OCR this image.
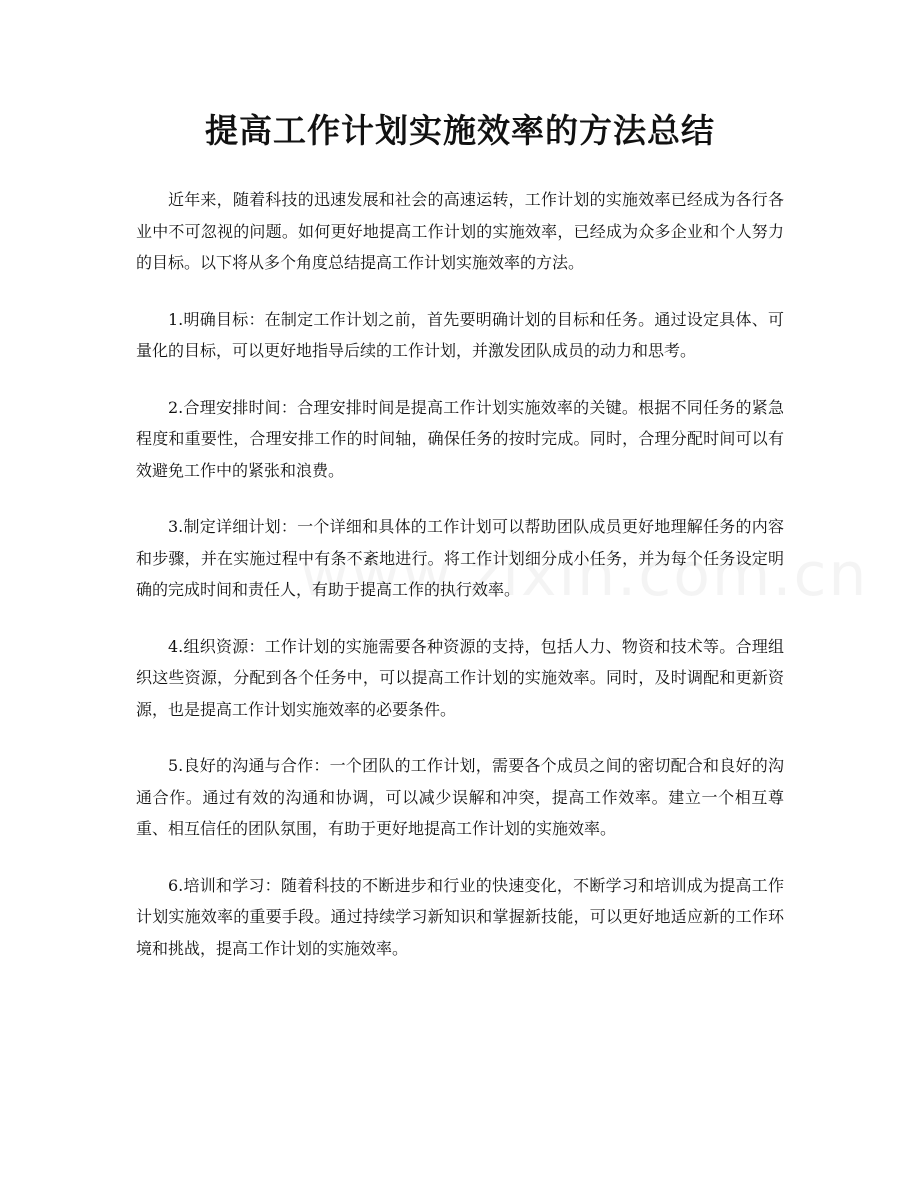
提高工作计划实施效率的方法总结

近年来，随着科技的迅速发展和社会的高速运转，工作计划的实施效率已经成为各行各业中不可忽视的问题。如何更好地提高工作计划的实施效率，已经成为众多企业和个人努力的目标。以下将从多个角度总结提高工作计划实施效率的方法。

1.明确目标：在制定工作计划之前，首先要明确计划的目标和任务。通过设定具体、可量化的目标，可以更好地指导后续的工作计划，并激发团队成员的动力和思考。

2.合理安排时间：合理安排时间是提高工作计划实施效率的关键。根据不同任务的紧急程度和重要性，合理安排工作的时间轴，确保任务的按时完成。同时，合理分配时间可以有效避免工作中的紧张和浪费。

3.制定详细计划：一个详细和具体的工作计划可以帮助团队成员更好地理解任务的内容和步骤，并在实施过程中有条不紊地进行。将工作计划细分成小任务，并为每个任务设定明确的完成时间和责任人，有助于提高工作的执行效率。

4.组织资源：工作计划的实施需要各种资源的支持，包括人力、物资和技术等。合理组织这些资源，分配到各个任务中，可以提高工作计划的实施效率。同时，及时调配和更新资源，也是提高工作计划实施效率的必要条件。

5.良好的沟通与合作：一个团队的工作计划，需要各个成员之间的密切配合和良好的沟通合作。通过有效的沟通和协调，可以减少误解和冲突，提高工作效率。建立一个相互尊重、相互信任的团队氛围，有助于更好地提高工作计划的实施效率。

6.培训和学习：随着科技的不断进步和行业的快速变化，不断学习和培训成为提高工作计划实施效率的重要手段。通过持续学习新知识和掌握新技能，可以更好地适应新的工作环境和挑战，提高工作计划的实施效率。
